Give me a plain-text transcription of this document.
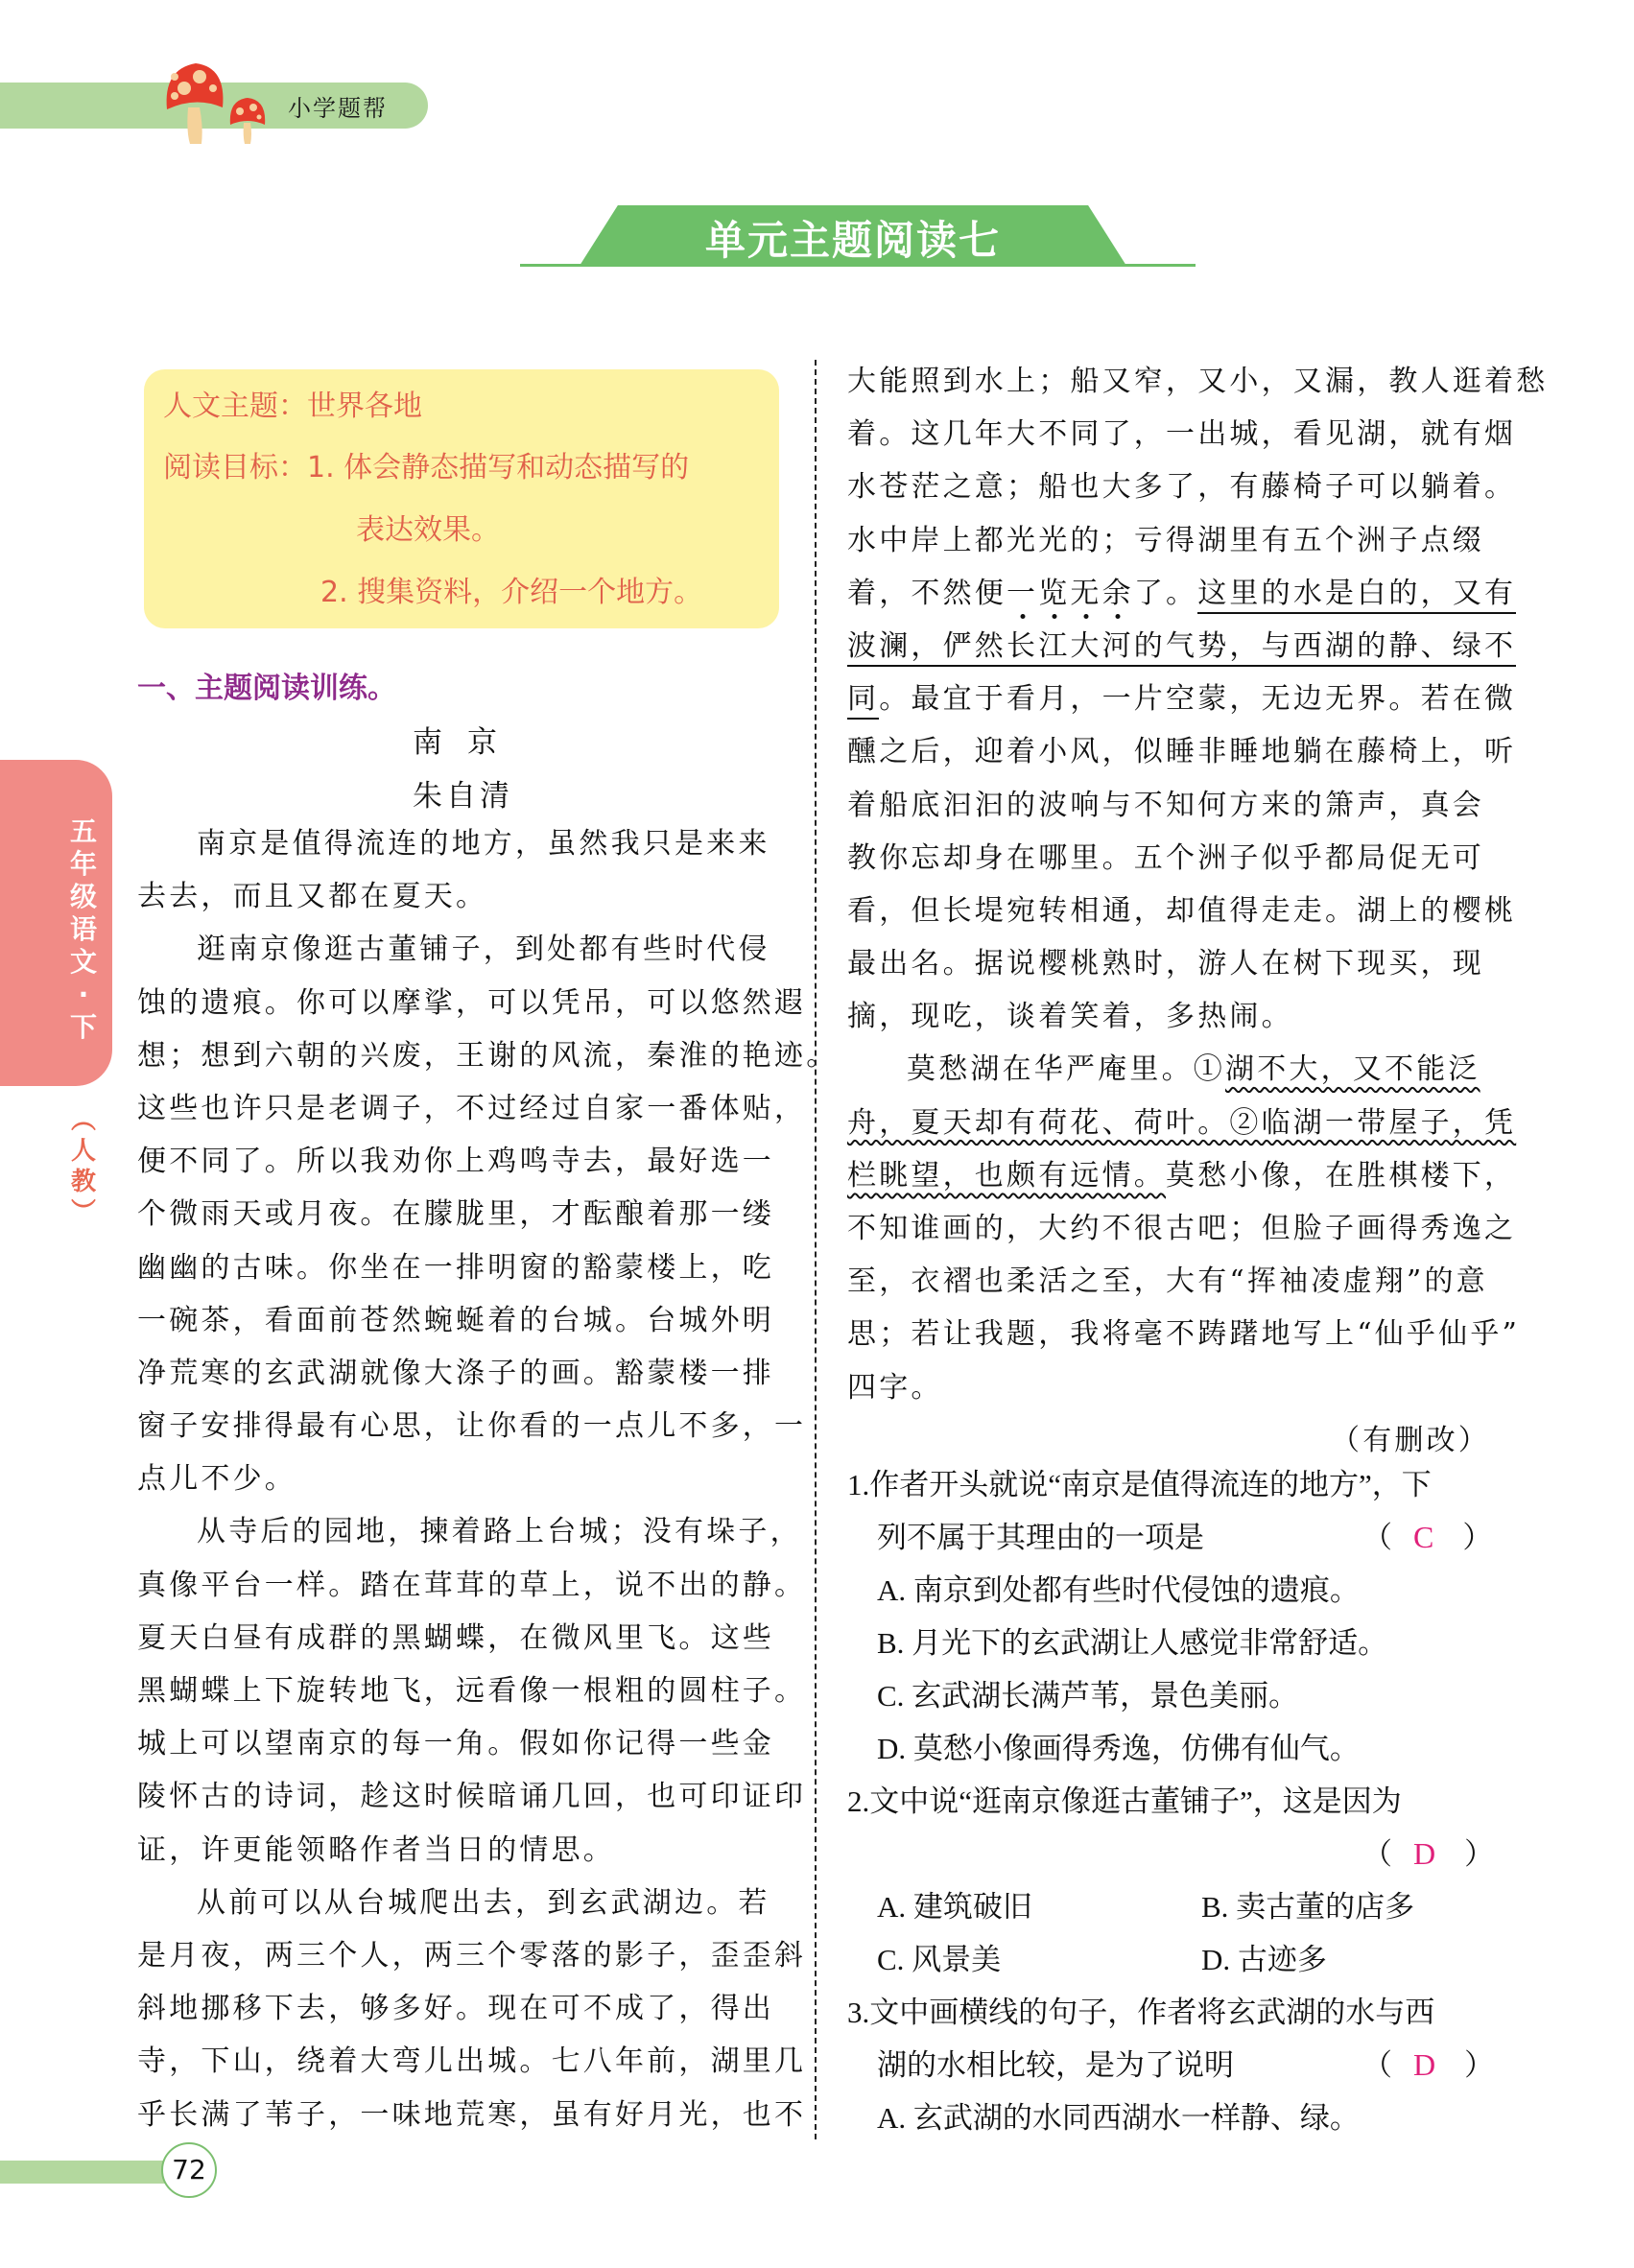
小学题帮
单元主题阅读七
人文主题：世界各地
阅读目标：1. 体会静态描写和动态描写的
表达效果。
2. 搜集资料，介绍一个地方。
五
年
级
语
文
·
下
︵
人
教
︶
一、主题阅读训练。
南京
朱自清
南京是值得流连的地方，虽然我只是来来
去去，而且又都在夏天。
逛南京像逛古董铺子，到处都有些时代侵
蚀的遗痕。你可以摩挲，可以凭吊，可以悠然遐
想；想到六朝的兴废，王谢的风流，秦淮的艳迹。
这些也许只是老调子，不过经过自家一番体贴，
便不同了。所以我劝你上鸡鸣寺去，最好选一
个微雨天或月夜。在朦胧里，才酝酿着那一缕
幽幽的古味。你坐在一排明窗的豁蒙楼上，吃
一碗茶，看面前苍然蜿蜒着的台城。台城外明
净荒寒的玄武湖就像大涤子的画。豁蒙楼一排
窗子安排得最有心思，让你看的一点儿不多，一
点儿不少。
从寺后的园地，揀着路上台城；没有垛子，
真像平台一样。踏在茸茸的草上，说不出的静。
夏天白昼有成群的黑蝴蝶，在微风里飞。这些
黑蝴蝶上下旋转地飞，远看像一根粗的圆柱子。
城上可以望南京的每一角。假如你记得一些金
陵怀古的诗词，趁这时候暗诵几回，也可印证印
证，许更能领略作者当日的情思。
从前可以从台城爬出去，到玄武湖边。若
是月夜，两三个人，两三个零落的影子，歪歪斜
斜地挪移下去，够多好。现在可不成了，得出
寺，下山，绕着大弯儿出城。七八年前，湖里几
乎长满了苇子，一味地荒寒，虽有好月光，也不
大能照到水上；船又窄，又小，又漏，教人逛着愁
着。这几年大不同了，一出城，看见湖，就有烟
水苍茫之意；船也大多了，有藤椅子可以躺着。
水中岸上都光光的；亏得湖里有五个洲子点缀
着，不然便一览无余了。这里的水是白的，又有
波澜，俨然长江大河的气势，与西湖的静、绿不
同。最宜于看月，一片空蒙，无边无界。若在微
醺之后，迎着小风，似睡非睡地躺在藤椅上，听
着船底汩汩的波响与不知何方来的箫声，真会
教你忘却身在哪里。五个洲子似乎都局促无可
看，但长堤宛转相通，却值得走走。湖上的樱桃
最出名。据说樱桃熟时，游人在树下现买，现
摘，现吃，谈着笑着，多热闹。
莫愁湖在华严庵里。①湖不大，又不能泛
舟，夏天却有荷花、荷叶。②临湖一带屋子，凭
栏眺望，也颇有远情。莫愁小像，在胜棋楼下，
不知谁画的，大约不很古吧；但脸子画得秀逸之
至，衣褶也柔活之至，大有“挥袖凌虚翔”的意
思；若让我题，我将毫不踌躇地写上“仙乎仙乎”
四字。
（有删改）
1.作者开头就说“南京是值得流连的地方”，下
列不属于其理由的一项是	（ C ）
A. 南京到处都有些时代侵蚀的遗痕。
B. 月光下的玄武湖让人感觉非常舒适。
C. 玄武湖长满芦苇，景色美丽。
D. 莫愁小像画得秀逸，仿佛有仙气。
2.文中说“逛南京像逛古董铺子”，这是因为
（ D ）
A. 建筑破旧	B. 卖古董的店多
C. 风景美	D. 古迹多
3.文中画横线的句子，作者将玄武湖的水与西
湖的水相比较，是为了说明	（ D ）
A. 玄武湖的水同西湖水一样静、绿。
72
